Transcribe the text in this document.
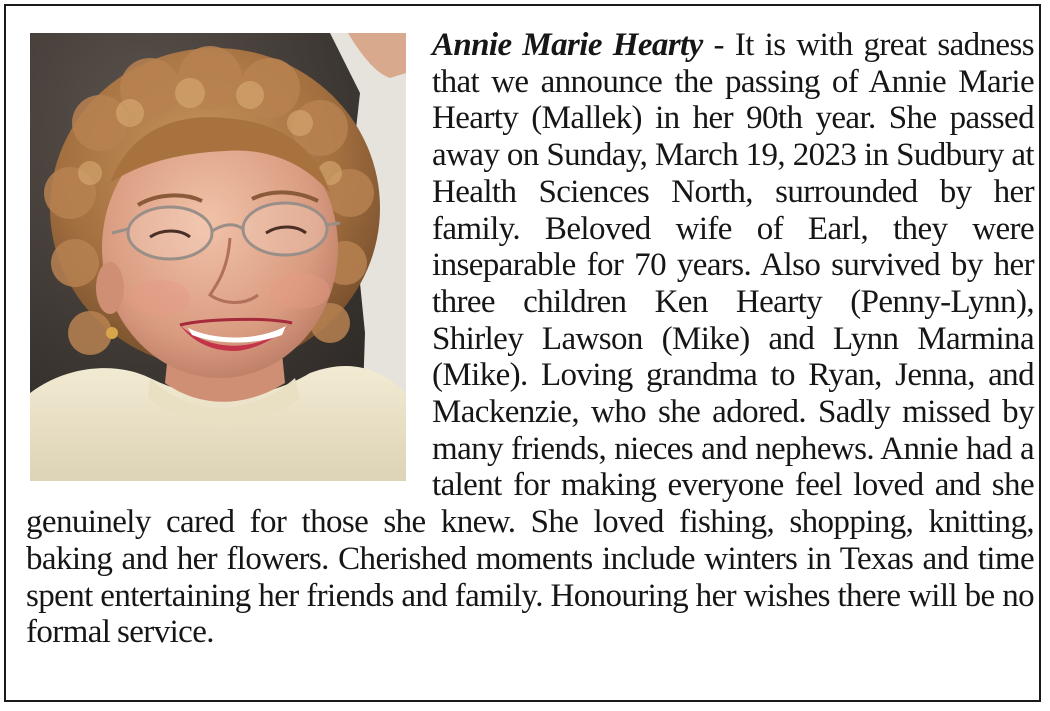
Annie Marie Hearty - It is with great sadness that we announce the passing of Annie Marie Hearty (Mallek) in her 90th year. She passed away on Sunday, March 19, 2023 in Sudbury at Health Sciences North, surrounded by her family. Beloved wife of Earl, they were inseparable for 70 years. Also survived by her three children Ken Hearty (Penny-Lynn), Shirley Lawson (Mike) and Lynn Marmina (Mike). Loving grandma to Ryan, Jenna, and Mackenzie, who she adored. Sadly missed by many friends, nieces and nephews. Annie had a talent for making everyone feel loved and she genuinely cared for those she knew. She loved fishing, shopping, knitting, baking and her flowers. Cherished moments include winters in Texas and time spent entertaining her friends and family. Honouring her wishes there will be no formal service.
